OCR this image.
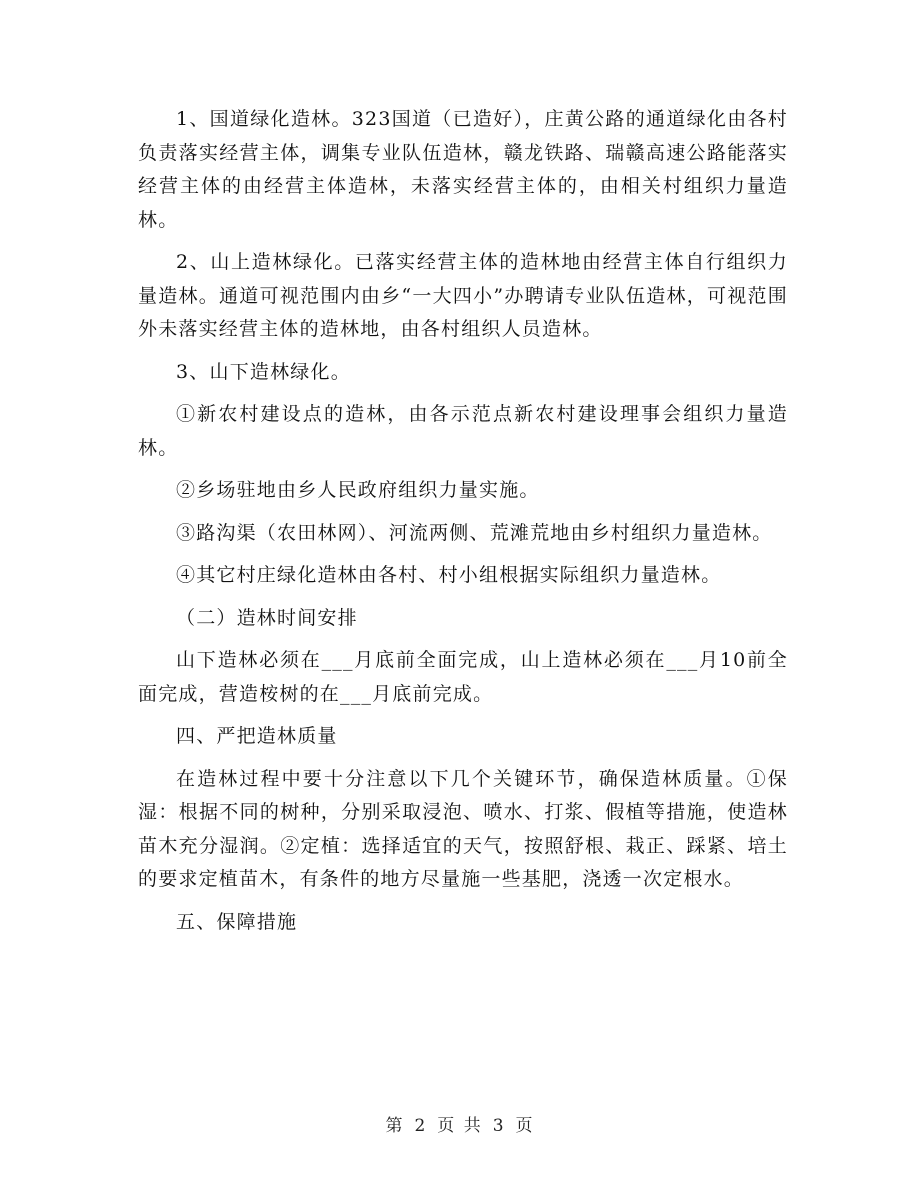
1、国道绿化造林。323国道（已造好），庄黄公路的通道绿化由各村负责落实经营主体，调集专业队伍造林，赣龙铁路、瑞赣高速公路能落实经营主体的由经营主体造林，未落实经营主体的，由相关村组织力量造林。

2、山上造林绿化。已落实经营主体的造林地由经营主体自行组织力量造林。通道可视范围内由乡“一大四小”办聘请专业队伍造林，可视范围外未落实经营主体的造林地，由各村组织人员造林。

3、山下造林绿化。

①新农村建设点的造林，由各示范点新农村建设理事会组织力量造林。

②乡场驻地由乡人民政府组织力量实施。

③路沟渠（农田林网）、河流两侧、荒滩荒地由乡村组织力量造林。

④其它村庄绿化造林由各村、村小组根据实际组织力量造林。

（二）造林时间安排

山下造林必须在___月底前全面完成，山上造林必须在___月10前全面完成，营造桉树的在___月底前完成。

四、严把造林质量

在造林过程中要十分注意以下几个关键环节，确保造林质量。①保湿：根据不同的树种，分别采取浸泡、喷水、打浆、假植等措施，使造林苗木充分湿润。②定植：选择适宜的天气，按照舒根、栽正、踩紧、培土的要求定植苗木，有条件的地方尽量施一些基肥，浇透一次定根水。

五、保障措施

第 2 页 共 3 页
